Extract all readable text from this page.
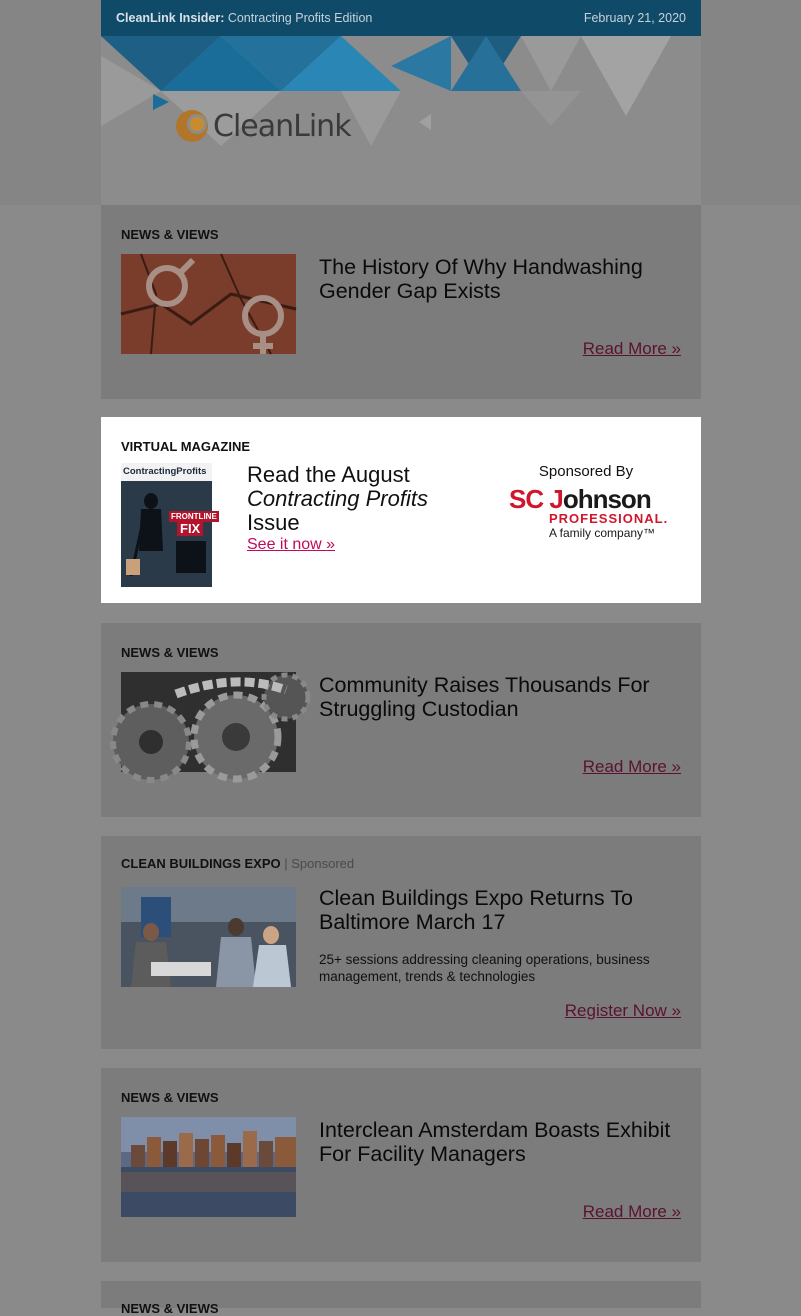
CleanLink Insider: Contracting Profits Edition	February 21, 2020
CleanLink
NEWS & VIEWS
The History Of Why Handwashing Gender Gap Exists
Read More »
VIRTUAL MAGAZINE
ContractingProfits
FRONTLINE
FIX
Read the August
Contracting Profits
Issue
See it now »
Sponsored By
SC Johnson
PROFESSIONAL.
A family company™
NEWS & VIEWS
Community Raises Thousands For Struggling Custodian
Read More »
CLEAN BUILDINGS EXPO | Sponsored
Clean Buildings Expo Returns To Baltimore March 17
25+ sessions addressing cleaning operations, business management, trends & technologies
Register Now »
NEWS & VIEWS
Interclean Amsterdam Boasts Exhibit For Facility Managers
Read More »
NEWS & VIEWS
